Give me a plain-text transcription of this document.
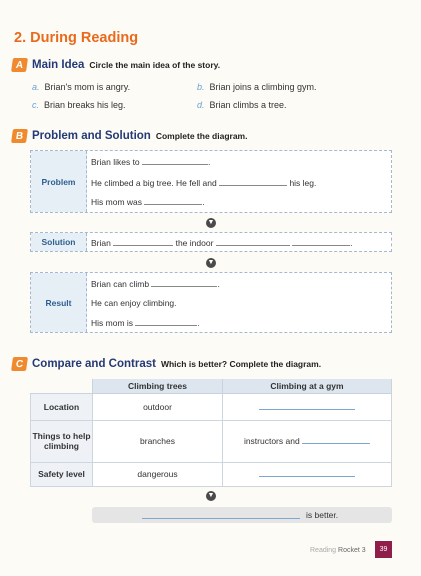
2. During Reading
A Main Idea Circle the main idea of the story.
a. Brian's mom is angry.	b. Brian joins a climbing gym.
c. Brian breaks his leg.	d. Brian climbs a tree.
B Problem and Solution Complete the diagram.
Problem
Brian likes to	.
He climbed a big tree. He fell and	his leg.
His mom was	.
▼
Solution	Brian	the indoor	.
▼
Result
Brian can climb	.
He can enjoy climbing.
His mom is	.
C Compare and Contrast Which is better? Complete the diagram.
	Climbing trees	Climbing at a gym
Location	outdoor	
Things to help climbing	branches	instructors and
Safety level	dangerous	
▼
is better.
Reading Rocket 3	39
